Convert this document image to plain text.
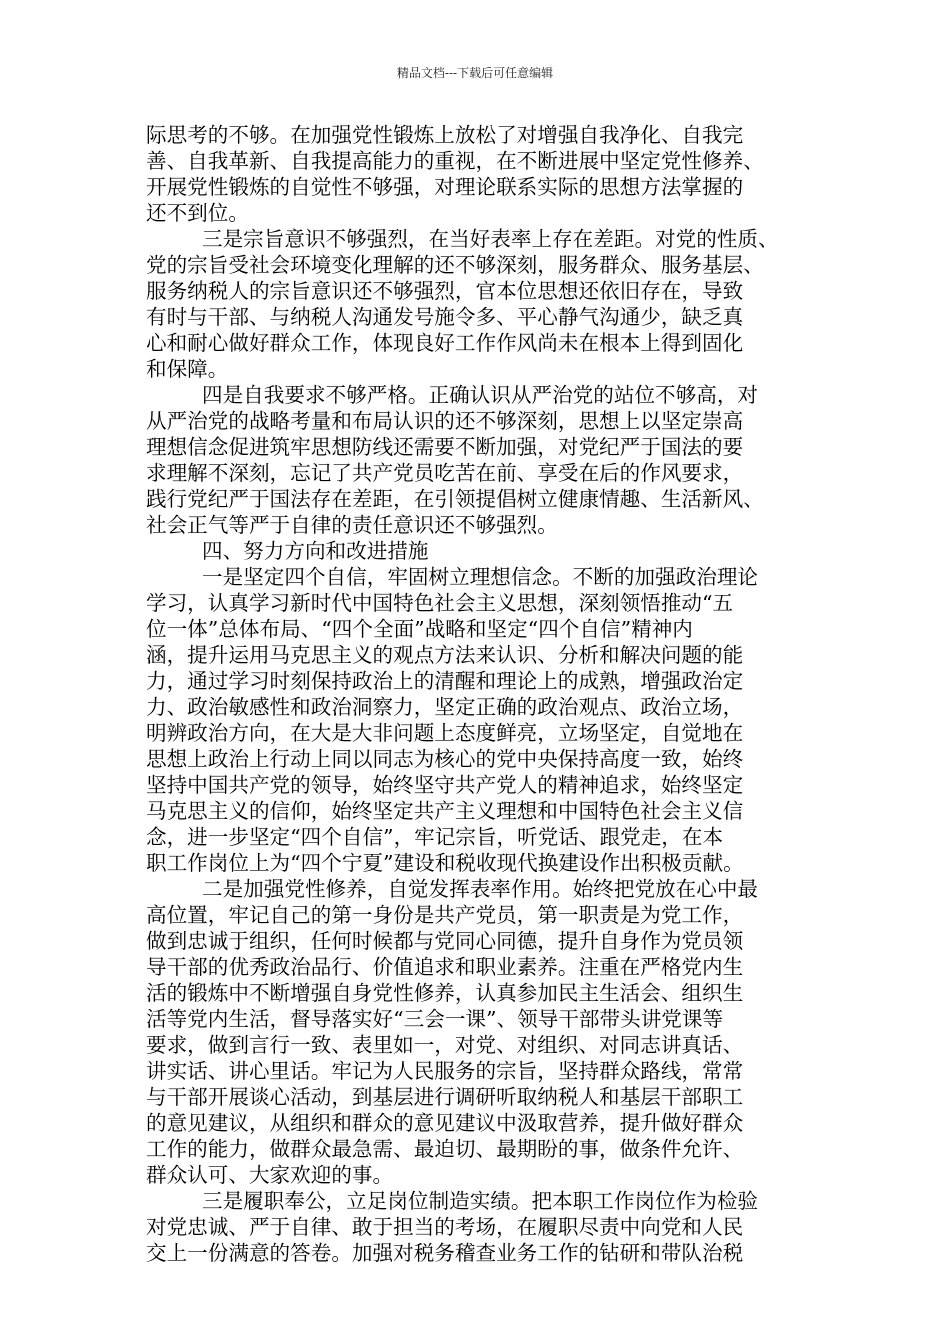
精品文档---下载后可任意编辑
际思考的不够。在加强党性锻炼上放松了对增强自我净化、自我完
善、自我革新、自我提高能力的重视，在不断进展中坚定党性修养、
开展党性锻炼的自觉性不够强，对理论联系实际的思想方法掌握的
还不到位。
三是宗旨意识不够强烈，在当好表率上存在差距。对党的性质、
党的宗旨受社会环境变化理解的还不够深刻，服务群众、服务基层、
服务纳税人的宗旨意识还不够强烈，官本位思想还依旧存在，导致
有时与干部、与纳税人沟通发号施令多、平心静气沟通少，缺乏真
心和耐心做好群众工作，体现良好工作作风尚未在根本上得到固化
和保障。
四是自我要求不够严格。正确认识从严治党的站位不够高，对
从严治党的战略考量和布局认识的还不够深刻，思想上以坚定崇高
理想信念促进筑牢思想防线还需要不断加强，对党纪严于国法的要
求理解不深刻，忘记了共产党员吃苦在前、享受在后的作风要求，
践行党纪严于国法存在差距，在引领提倡树立健康情趣、生活新风、
社会正气等严于自律的责任意识还不够强烈。
四、努力方向和改进措施
一是坚定四个自信，牢固树立理想信念。不断的加强政治理论
学习，认真学习新时代中国特色社会主义思想，深刻领悟推动“五
位一体”总体布局、“四个全面”战略和坚定“四个自信”精神内
涵，提升运用马克思主义的观点方法来认识、分析和解决问题的能
力，通过学习时刻保持政治上的清醒和理论上的成熟，增强政治定
力、政治敏感性和政治洞察力，坚定正确的政治观点、政治立场，
明辨政治方向，在大是大非问题上态度鲜亮，立场坚定，自觉地在
思想上政治上行动上同以同志为核心的党中央保持高度一致，始终
坚持中国共产党的领导，始终坚守共产党人的精神追求，始终坚定
马克思主义的信仰，始终坚定共产主义理想和中国特色社会主义信
念，进一步坚定“四个自信”，牢记宗旨，听党话、跟党走，在本
职工作岗位上为“四个宁夏”建设和税收现代换建设作出积极贡献。
二是加强党性修养，自觉发挥表率作用。始终把党放在心中最
高位置，牢记自己的第一身份是共产党员，第一职责是为党工作，
做到忠诚于组织，任何时候都与党同心同德，提升自身作为党员领
导干部的优秀政治品行、价值追求和职业素养。注重在严格党内生
活的锻炼中不断增强自身党性修养，认真参加民主生活会、组织生
活等党内生活，督导落实好“三会一课”、领导干部带头讲党课等
要求，做到言行一致、表里如一，对党、对组织、对同志讲真话、
讲实话、讲心里话。牢记为人民服务的宗旨，坚持群众路线，常常
与干部开展谈心活动，到基层进行调研听取纳税人和基层干部职工
的意见建议，从组织和群众的意见建议中汲取营养，提升做好群众
工作的能力，做群众最急需、最迫切、最期盼的事，做条件允许、
群众认可、大家欢迎的事。
三是履职奉公，立足岗位制造实绩。把本职工作岗位作为检验
对党忠诚、严于自律、敢于担当的考场，在履职尽责中向党和人民
交上一份满意的答卷。加强对税务稽查业务工作的钻研和带队治税
